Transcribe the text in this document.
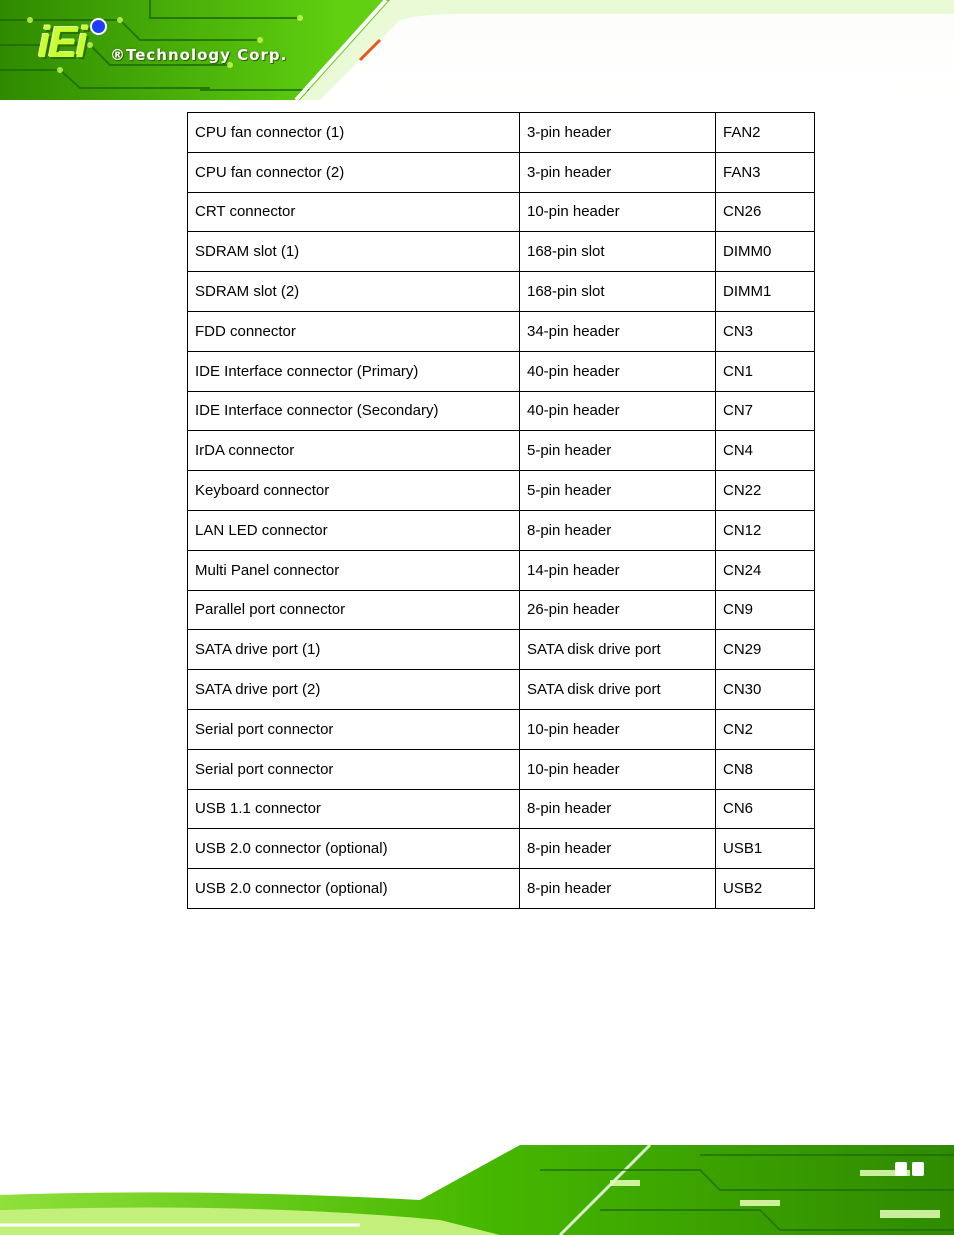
iEi ®Technology Corp.
CPU fan connector (1)	3-pin header	FAN2
CPU fan connector (2)	3-pin header	FAN3
CRT connector	10-pin header	CN26
SDRAM slot (1)	168-pin slot	DIMM0
SDRAM slot (2)	168-pin slot	DIMM1
FDD connector	34-pin header	CN3
IDE Interface connector (Primary)	40-pin header	CN1
IDE Interface connector (Secondary)	40-pin header	CN7
IrDA connector	5-pin header	CN4
Keyboard connector	5-pin header	CN22
LAN LED connector	8-pin header	CN12
Multi Panel connector	14-pin header	CN24
Parallel port connector	26-pin header	CN9
SATA drive port (1)	SATA disk drive port	CN29
SATA drive port (2)	SATA disk drive port	CN30
Serial port connector	10-pin header	CN2
Serial port connector	10-pin header	CN8
USB 1.1 connector	8-pin header	CN6
USB 2.0 connector (optional)	8-pin header	USB1
USB 2.0 connector (optional)	8-pin header	USB2
